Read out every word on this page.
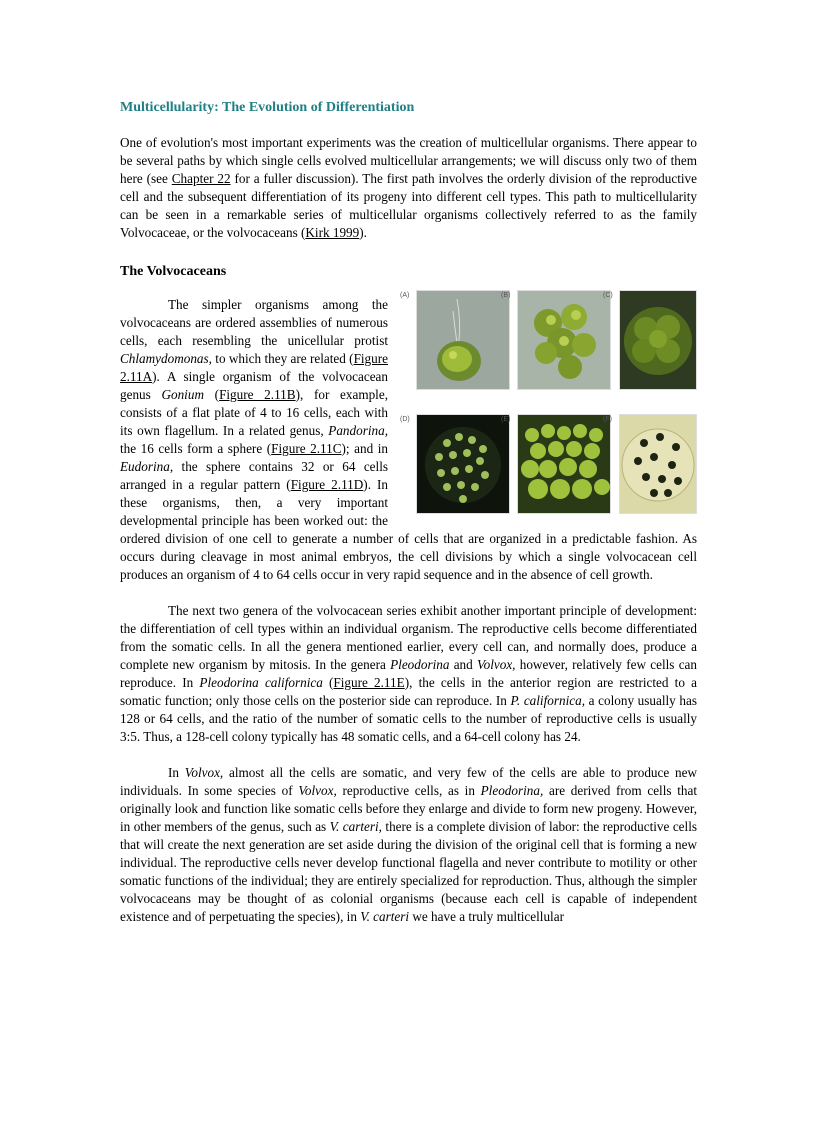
Multicellularity: The Evolution of Differentiation

One of evolution's most important experiments was the creation of multicellular organisms. There appear to be several paths by which single cells evolved multicellular arrangements; we will discuss only two of them here (see Chapter 22 for a fuller discussion). The first path involves the orderly division of the reproductive cell and the subsequent differentiation of its progeny into different cell types. This path to multicellularity can be seen in a remarkable series of multicellular organisms collectively referred to as the family Volvocaceae, or the volvocaceans (Kirk 1999).

The Volvocaceans
(A)	(B)	(C)
(D)	(E)	(F)

The simpler organisms among the volvocaceans are ordered assemblies of numerous cells, each resembling the unicellular protist Chlamydomonas, to which they are related (Figure 2.11A). A single organism of the volvocacean genus Gonium (Figure 2.11B), for example, consists of a flat plate of 4 to 16 cells, each with its own flagellum. In a related genus, Pandorina, the 16 cells form a sphere (Figure 2.11C); and in Eudorina, the sphere contains 32 or 64 cells arranged in a regular pattern (Figure 2.11D). In these organisms, then, a very important developmental principle has been worked out: the ordered division of one cell to generate a number of cells that are organized in a predictable fashion. As occurs during cleavage in most animal embryos, the cell divisions by which a single volvocacean cell produces an organism of 4 to 64 cells occur in very rapid sequence and in the absence of cell growth.

The next two genera of the volvocacean series exhibit another important principle of development: the differentiation of cell types within an individual organism. The reproductive cells become differentiated from the somatic cells. In all the genera mentioned earlier, every cell can, and normally does, produce a complete new organism by mitosis. In the genera Pleodorina and Volvox, however, relatively few cells can reproduce. In Pleodorina californica (Figure 2.11E), the cells in the anterior region are restricted to a somatic function; only those cells on the posterior side can reproduce. In P. californica, a colony usually has 128 or 64 cells, and the ratio of the number of somatic cells to the number of reproductive cells is usually 3:5. Thus, a 128-cell colony typically has 48 somatic cells, and a 64-cell colony has 24.

In Volvox, almost all the cells are somatic, and very few of the cells are able to produce new individuals. In some species of Volvox, reproductive cells, as in Pleodorina, are derived from cells that originally look and function like somatic cells before they enlarge and divide to form new progeny. However, in other members of the genus, such as V. carteri, there is a complete division of labor: the reproductive cells that will create the next generation are set aside during the division of the original cell that is forming a new individual. The reproductive cells never develop functional flagella and never contribute to motility or other somatic functions of the individual; they are entirely specialized for reproduction. Thus, although the simpler volvocaceans may be thought of as colonial organisms (because each cell is capable of independent existence and of perpetuating the species), in V. carteri we have a truly multicellular
